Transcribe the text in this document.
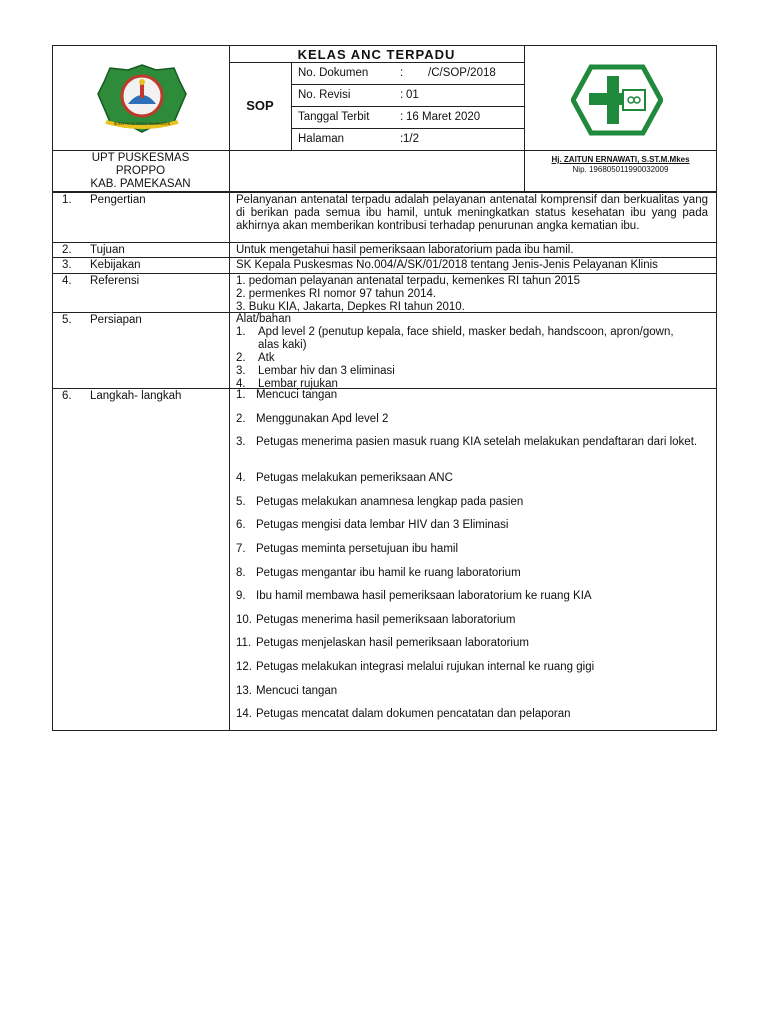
BUPATI KABUPATEN PAMEKASAN
KELAS ANC TERPADU
SOP
No. Dokumen	: /C/SOP/2018
No. Revisi	: 01
Tanggal Terbit	: 16 Maret 2020
Halaman	: 1/2
UPT PUSKESMAS
PROPPO
KAB. PAMEKASAN
Hj. ZAITUN ERNAWATI, S.ST.M.Mkes
Nip. 196805011990032009
1. Pengertian	Pelanyanan antenatal terpadu adalah pelayanan antenatal komprensif dan berkualitas yang di berikan pada semua ibu hamil, untuk meningkatkan status kesehatan ibu yang pada akhirnya akan memberikan kontribusi terhadap penurunan angka kematian ibu.
2. Tujuan	Untuk mengetahui hasil pemeriksaan laboratorium pada ibu hamil.
3. Kebijakan	SK Kepala Puskesmas No.004/A/SK/01/2018 tentang Jenis-Jenis Pelayanan Klinis
4. Referensi	1. pedoman pelayanan antenatal terpadu, kemenkes RI tahun 2015
2. permenkes RI nomor 97 tahun 2014.
3. Buku KIA, Jakarta, Depkes RI tahun 2010.
5. Persiapan	Alat/bahan
1. Apd level 2 (penutup kepala, face shield, masker bedah, handscoon, apron/gown, alas kaki)
2. Atk
3. Lembar hiv dan 3 eliminasi
4. Lembar rujukan
6. Langkah- langkah	1. Mencuci tangan
2. Menggunakan Apd level 2
3. Petugas menerima pasien masuk ruang KIA setelah melakukan pendaftaran dari loket.
4. Petugas melakukan pemeriksaan ANC
5. Petugas melakukan anamnesa lengkap pada pasien
6. Petugas mengisi data lembar HIV dan 3 Eliminasi
7. Petugas meminta persetujuan ibu hamil
8. Petugas mengantar ibu hamil ke ruang laboratorium
9. Ibu hamil membawa hasil pemeriksaan laboratorium ke ruang KIA
10. Petugas menerima hasil pemeriksaan laboratorium
11. Petugas menjelaskan hasil pemeriksaan laboratorium
12. Petugas melakukan integrasi melalui rujukan internal ke ruang gigi
13. Mencuci tangan
14. Petugas mencatat dalam dokumen pencatatan dan pelaporan
